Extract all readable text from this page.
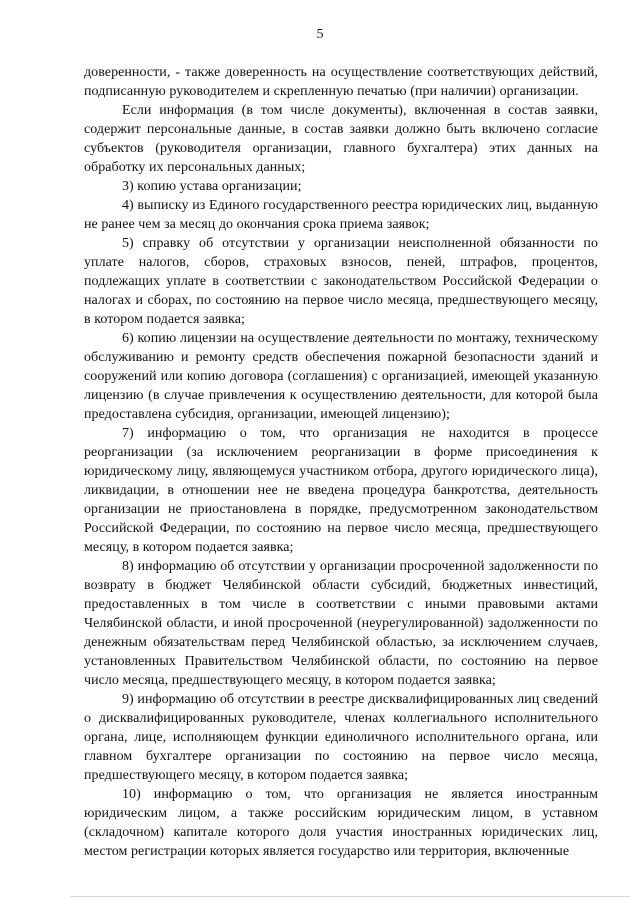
5

доверенности, - также доверенность на осуществление соответствующих действий, подписанную руководителем и скрепленную печатью (при наличии) организации.

Если информация (в том числе документы), включенная в состав заявки, содержит персональные данные, в состав заявки должно быть включено согласие субъектов (руководителя организации, главного бухгалтера) этих данных на обработку их персональных данных;

3) копию устава организации;

4) выписку из Единого государственного реестра юридических лиц, выданную не ранее чем за месяц до окончания срока приема заявок;

5) справку об отсутствии у организации неисполненной обязанности по уплате налогов, сборов, страховых взносов, пеней, штрафов, процентов, подлежащих уплате в соответствии с законодательством Российской Федерации о налогах и сборах, по состоянию на первое число месяца, предшествующего месяцу, в котором подается заявка;

6) копию лицензии на осуществление деятельности по монтажу, техническому обслуживанию и ремонту средств обеспечения пожарной безопасности зданий и сооружений или копию договора (соглашения) с организацией, имеющей указанную лицензию (в случае привлечения к осуществлению деятельности, для которой была предоставлена субсидия, организации, имеющей лицензию);

7) информацию о том, что организация не находится в процессе реорганизации (за исключением реорганизации в форме присоединения к юридическому лицу, являющемуся участником отбора, другого юридического лица), ликвидации, в отношении нее не введена процедура банкротства, деятельность организации не приостановлена в порядке, предусмотренном законодательством Российской Федерации, по состоянию на первое число месяца, предшествующего месяцу, в котором подается заявка;

8) информацию об отсутствии у организации просроченной задолженности по возврату в бюджет Челябинской области субсидий, бюджетных инвестиций, предоставленных в том числе в соответствии с иными правовыми актами Челябинской области, и иной просроченной (неурегулированной) задолженности по денежным обязательствам перед Челябинской областью, за исключением случаев, установленных Правительством Челябинской области, по состоянию на первое число месяца, предшествующего месяцу, в котором подается заявка;

9) информацию об отсутствии в реестре дисквалифицированных лиц сведений о дисквалифицированных руководителе, членах коллегиального исполнительного органа, лице, исполняющем функции единоличного исполнительного органа, или главном бухгалтере организации по состоянию на первое число месяца, предшествующего месяцу, в котором подается заявка;

10) информацию о том, что организация не является иностранным юридическим лицом, а также российским юридическим лицом, в уставном (складочном) капитале которого доля участия иностранных юридических лиц, местом регистрации которых является государство или территория, включенные
